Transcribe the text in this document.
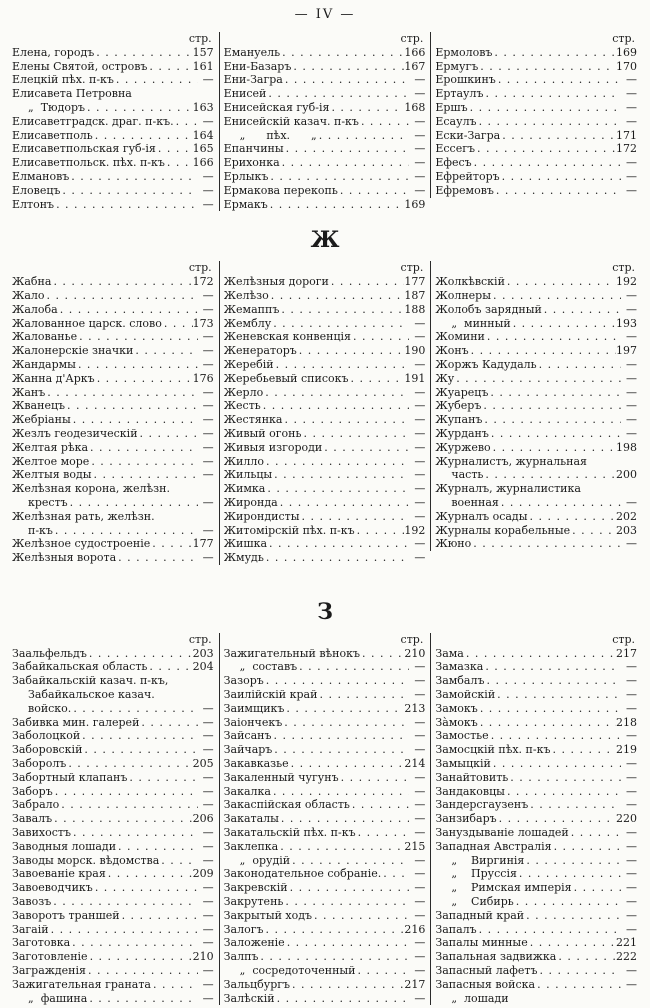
— IV —
стр.
Елена, городъ . . .	157
Елены Святой, островъ . . .	161
Елецкій пѣх. п-къ . . .	—
Елисавета Петровна
„  Тюдоръ . . .	163
Елисаветградск. драг. п-къ. . . .	—
Елисаветполь . . .	164
Елисаветпольская губ-ія . . .	165
Елисаветпольск. пѣх. п-къ . . .	166
Елмановъ . . .	—
Еловецъ . . .	—
Елтонъ . . .	—
стр.
Емануель . . .	166
Ени-Базаръ . . .	167
Ени-Загра . . .	—
Енисей . . .	—
Енисейская губ-ія . . .	168
Енисейскій казач. п-къ . . .	—
„      пѣх.      „ . . .	—
Епанчины . . .	—
Ерихонка . . .	—
Ерлыкъ . . .	—
Ермакова перекопь . . .	—
Ермакъ . . .	169
стр.
Ермоловъ . . .	169
Ермугъ . . .	170
Ерошкинъ . . .	—
Ертаулъ . . .	—
Ершъ . . .	—
Есаулъ . . .	—
Ески-Загра . . .	171
Ессегъ . . .	172
Ефесъ . . .	—
Ефрейторъ . . .	—
Ефремовъ . . .	—
Ж
стр.
Жабна . . .	172
Жало . . .	—
Жалоба . . .	—
Жалованное царск. слово . . .	173
Жалованье . . .	—
Жалонерскіе значки . . .	—
Жандармы . . .	—
Жанна д'Аркъ . . .	176
Жанъ . . .	—
Жванецъ . . .	—
Жебріаны . . .	—
Жезлъ геодезическій . . .	—
Желтая рѣка . . .	—
Желтое море . . .	—
Желтыя воды . . .	—
Желѣзная корона, желѣзн.
крестъ . . .	—
Желѣзная рать, желѣзн.
п-къ . . .	—
Желѣзное судостроеніе . . .	177
Желѣзныя ворота . . .	—
стр.
Желѣзныя дороги . . .	177
Желѣзо . . .	187
Жемаппъ . . .	188
Жемблу . . .	—
Женевская конвенція . . .	—
Женераторъ . . .	190
Жеребій . . .	—
Жеребьевый списокъ . . .	191
Жерло . . .	—
Жесть . . .	—
Жестянка . . .	—
Живый огонь . . .	—
Живыя изгороди . . .	—
Жилло . . .	—
Жильцы . . .	—
Жимка . . .	—
Жиронда . . .	—
Жирондисты . . .	—
Житомірскій пѣх. п-къ . . .	192
Жишка . . .	—
Жмудь . . .	—
стр.
Жолкѣвскій . . .	192
Жолнеры . . .	—
Жолобъ зарядный . . .	—
„  минный . . .	193
Жомини . . .	—
Жонъ . . .	197
Жоржъ Кадудаль . . .	—
Жу . . .	—
Жуарецъ . . .	—
Жуберъ . . .	—
Жупанъ . . .	—
Журданъ . . .	—
Журжево . . .	198
Журналистъ, журнальная
часть . . .	200
Журналъ, журналистика
военная . . .	—
Журналъ осады . . .	202
Журналы корабельные . . .	203
Жюно . . .	—
З
стр.
Заальфельдъ . . .	203
Забайкальская область . . .	204
Забайкальскій казач. п-къ,
Забайкальское казач.
войско. . . .	—
Забивка мин. галерей . . .	—
Заболоцкой . . .	—
Заборовскій . . .	—
Заборолъ . . .	205
Забортный клапанъ . . .	—
Заборъ . . .	—
Забрало . . .	—
Завалъ . . .	206
Завихостъ . . .	—
Заводныя лошади . . .	—
Заводы морск. вѣдомства . . .	—
Завоеваніе края . . .	209
Завоеводчикъ . . .	—
Завозъ . . .	—
Заворотъ траншей . . .	—
Загаій . . .	—
Заготовка . . .	—
Заготовленіе . . .	210
Загражденія . . .	—
Зажигательная граната . . .	—
„  фашина . . .	—
стр.
Зажигательный вѣнокъ . . .	210
„  составъ . . .	—
Зазоръ . . .	—
Заилійскій край . . .	—
Заимщикъ . . .	213
Заіончекъ . . .	—
Зайсанъ . . .	—
Зайчаръ . . .	—
Закавказье . . .	214
Закаленный чугунъ . . .	—
Закалка . . .	—
Закаспійская область . . .	—
Закаталы . . .	—
Закатальскій пѣх. п-къ . . .	—
Заклепка . . .	215
„  орудій . . .	—
Законодательное собраніе. . . .	—
Закревскій . . .	—
Закрутень . . .	—
Закрытый ходъ . . .	—
Залогъ . . .	216
Заложеніе . . .	—
Залпъ . . .	—
„  сосредоточенный . . .	—
Зальцбургъ . . .	217
Залѣскій . . .	—
стр.
Зама . . .	217
Замазка . . .	—
Замбалъ . . .	—
Замойскій . . .	—
Замокъ . . .	—
Зàмокъ . . .	218
Замостье . . .	—
Замосцкій пѣх. п-къ . . .	219
Замыцкій . . .	—
Занайтовить . . .	—
Зандаковцы . . .	—
Зандерсгаузенъ . . .	—
Занзибаръ . . .	220
Зануздываніе лошадей . . .	—
Западная Австралія . . .	—
„    Виргинія . . .	—
„    Пруссія . . .	—
„    Римская имперія . . .	—
„    Сибирь . . .	—
Западный край . . .	—
Запалъ . . .	—
Запалы минные . . .	221
Запальная задвижка . . .	222
Запасный лафетъ . . .	—
Запасныя войска . . .	—
„  лошади
